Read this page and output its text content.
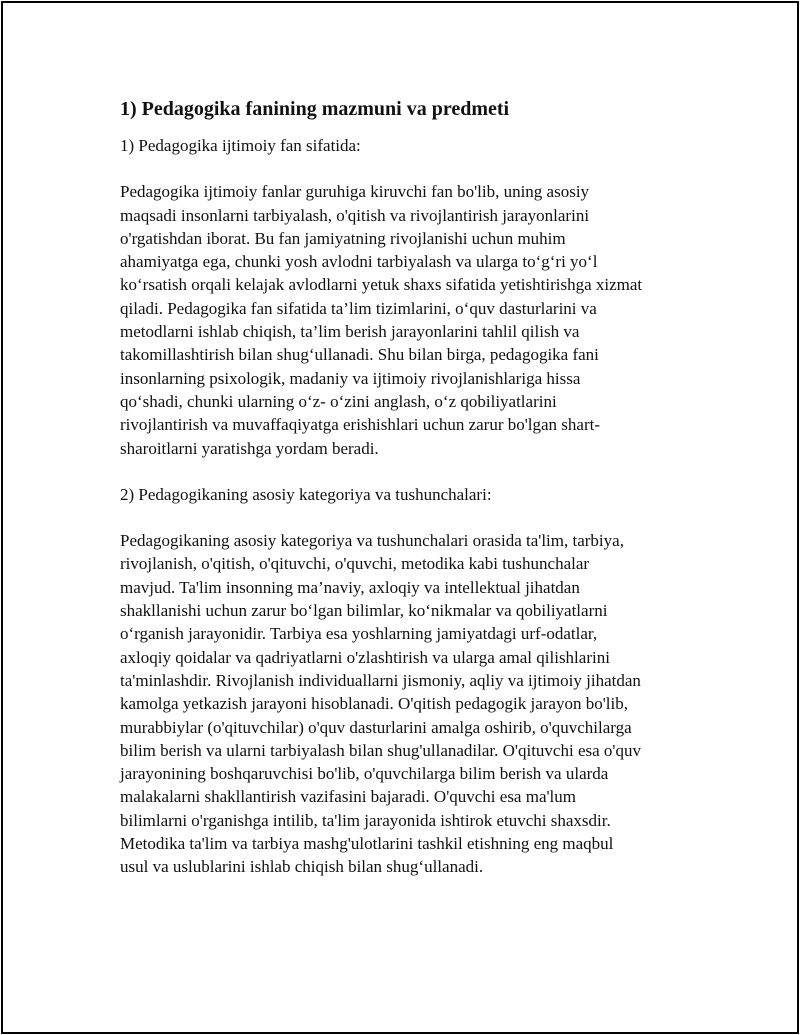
1) Pedagogika fanining mazmuni va predmeti
1) Pedagogika ijtimoiy fan sifatida:
Pedagogika ijtimoiy fanlar guruhiga kiruvchi fan bo'lib, uning asosiy
maqsadi insonlarni tarbiyalash, o'qitish va rivojlantirish jarayonlarini
o'rgatishdan iborat. Bu fan jamiyatning rivojlanishi uchun muhim
ahamiyatga ega, chunki yosh avlodni tarbiyalash va ularga to‘g‘ri yo‘l
ko‘rsatish orqali kelajak avlodlarni yetuk shaxs sifatida yetishtirishga xizmat
qiladi. Pedagogika fan sifatida ta’lim tizimlarini, o‘quv dasturlarini va
metodlarni ishlab chiqish, ta’lim berish jarayonlarini tahlil qilish va
takomillashtirish bilan shug‘ullanadi. Shu bilan birga, pedagogika fani
insonlarning psixologik, madaniy va ijtimoiy rivojlanishlariga hissa
qo‘shadi, chunki ularning o‘z- o‘zini anglash, o‘z qobiliyatlarini
rivojlantirish va muvaffaqiyatga erishishlari uchun zarur bo'lgan shart-
sharoitlarni yaratishga yordam beradi.
2) Pedagogikaning asosiy kategoriya va tushunchalari:
Pedagogikaning asosiy kategoriya va tushunchalari orasida ta'lim, tarbiya,
rivojlanish, o'qitish, o'qituvchi, o'quvchi, metodika kabi tushunchalar
mavjud. Ta'lim insonning ma’naviy, axloqiy va intellektual jihatdan
shakllanishi uchun zarur bo‘lgan bilimlar, ko‘nikmalar va qobiliyatlarni
o‘rganish jarayonidir. Tarbiya esa yoshlarning jamiyatdagi urf-odatlar,
axloqiy qoidalar va qadriyatlarni o'zlashtirish va ularga amal qilishlarini
ta'minlashdir. Rivojlanish individuallarni jismoniy, aqliy va ijtimoiy jihatdan
kamolga yetkazish jarayoni hisoblanadi. O'qitish pedagogik jarayon bo'lib,
murabbiylar (o'qituvchilar) o'quv dasturlarini amalga oshirib, o'quvchilarga
bilim berish va ularni tarbiyalash bilan shug'ullanadilar. O'qituvchi esa o'quv
jarayonining boshqaruvchisi bo'lib, o'quvchilarga bilim berish va ularda
malakalarni shakllantirish vazifasini bajaradi. O'quvchi esa ma'lum
bilimlarni o'rganishga intilib, ta'lim jarayonida ishtirok etuvchi shaxsdir.
Metodika ta'lim va tarbiya mashg'ulotlarini tashkil etishning eng maqbul
usul va uslublarini ishlab chiqish bilan shug‘ullanadi.
